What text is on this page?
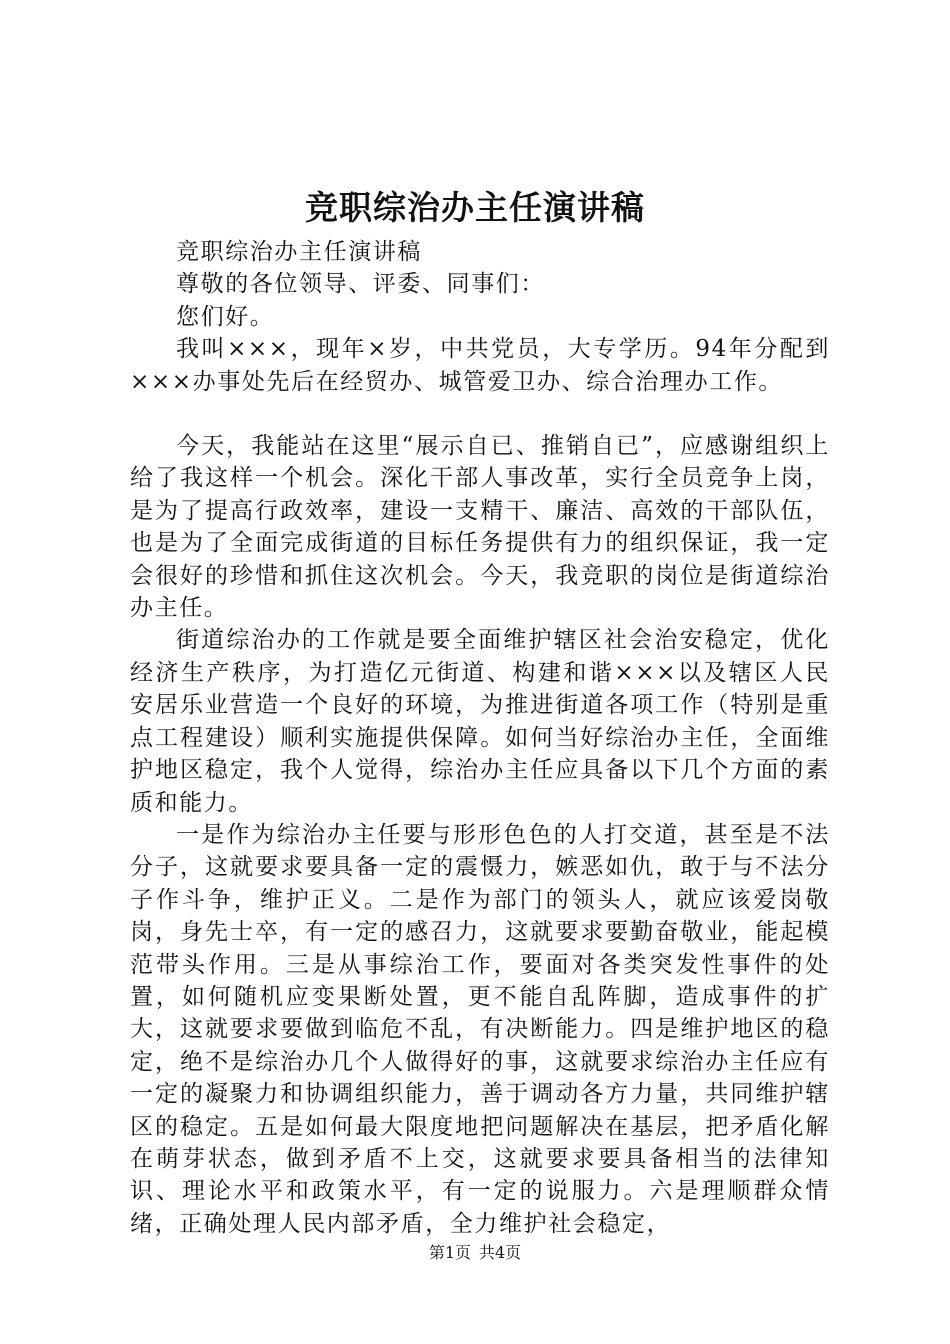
竞职综治办主任演讲稿

竞职综治办主任演讲稿

尊敬的各位领导、评委、同事们：

您们好。

我叫×××，现年×岁，中共党员，大专学历。94年分配到×××办事处先后在经贸办、城管爱卫办、综合治理办工作。

今天，我能站在这里“展示自已、推销自已”，应感谢组织上给了我这样一个机会。深化干部人事改革，实行全员竞争上岗，是为了提高行政效率，建设一支精干、廉洁、高效的干部队伍，也是为了全面完成街道的目标任务提供有力的组织保证，我一定会很好的珍惜和抓住这次机会。今天，我竞职的岗位是街道综治办主任。

街道综治办的工作就是要全面维护辖区社会治安稳定，优化经济生产秩序，为打造亿元街道、构建和谐×××以及辖区人民安居乐业营造一个良好的环境，为推进街道各项工作（特别是重点工程建设）顺利实施提供保障。如何当好综治办主任，全面维护地区稳定，我个人觉得，综治办主任应具备以下几个方面的素质和能力。

一是作为综治办主任要与形形色色的人打交道，甚至是不法分子，这就要求要具备一定的震慑力，嫉恶如仇，敢于与不法分子作斗争，维护正义。二是作为部门的领头人，就应该爱岗敬岗，身先士卒，有一定的感召力，这就要求要勤奋敬业，能起模范带头作用。三是从事综治工作，要面对各类突发性事件的处置，如何随机应变果断处置，更不能自乱阵脚，造成事件的扩大，这就要求要做到临危不乱，有决断能力。四是维护地区的稳定，绝不是综治办几个人做得好的事，这就要求综治办主任应有一定的凝聚力和协调组织能力，善于调动各方力量，共同维护辖区的稳定。五是如何最大限度地把问题解决在基层，把矛盾化解在萌芽状态，做到矛盾不上交，这就要求要具备相当的法律知识、理论水平和政策水平，有一定的说服力。六是理顺群众情绪，正确处理人民内部矛盾，全力维护社会稳定，

第1页 共4页
